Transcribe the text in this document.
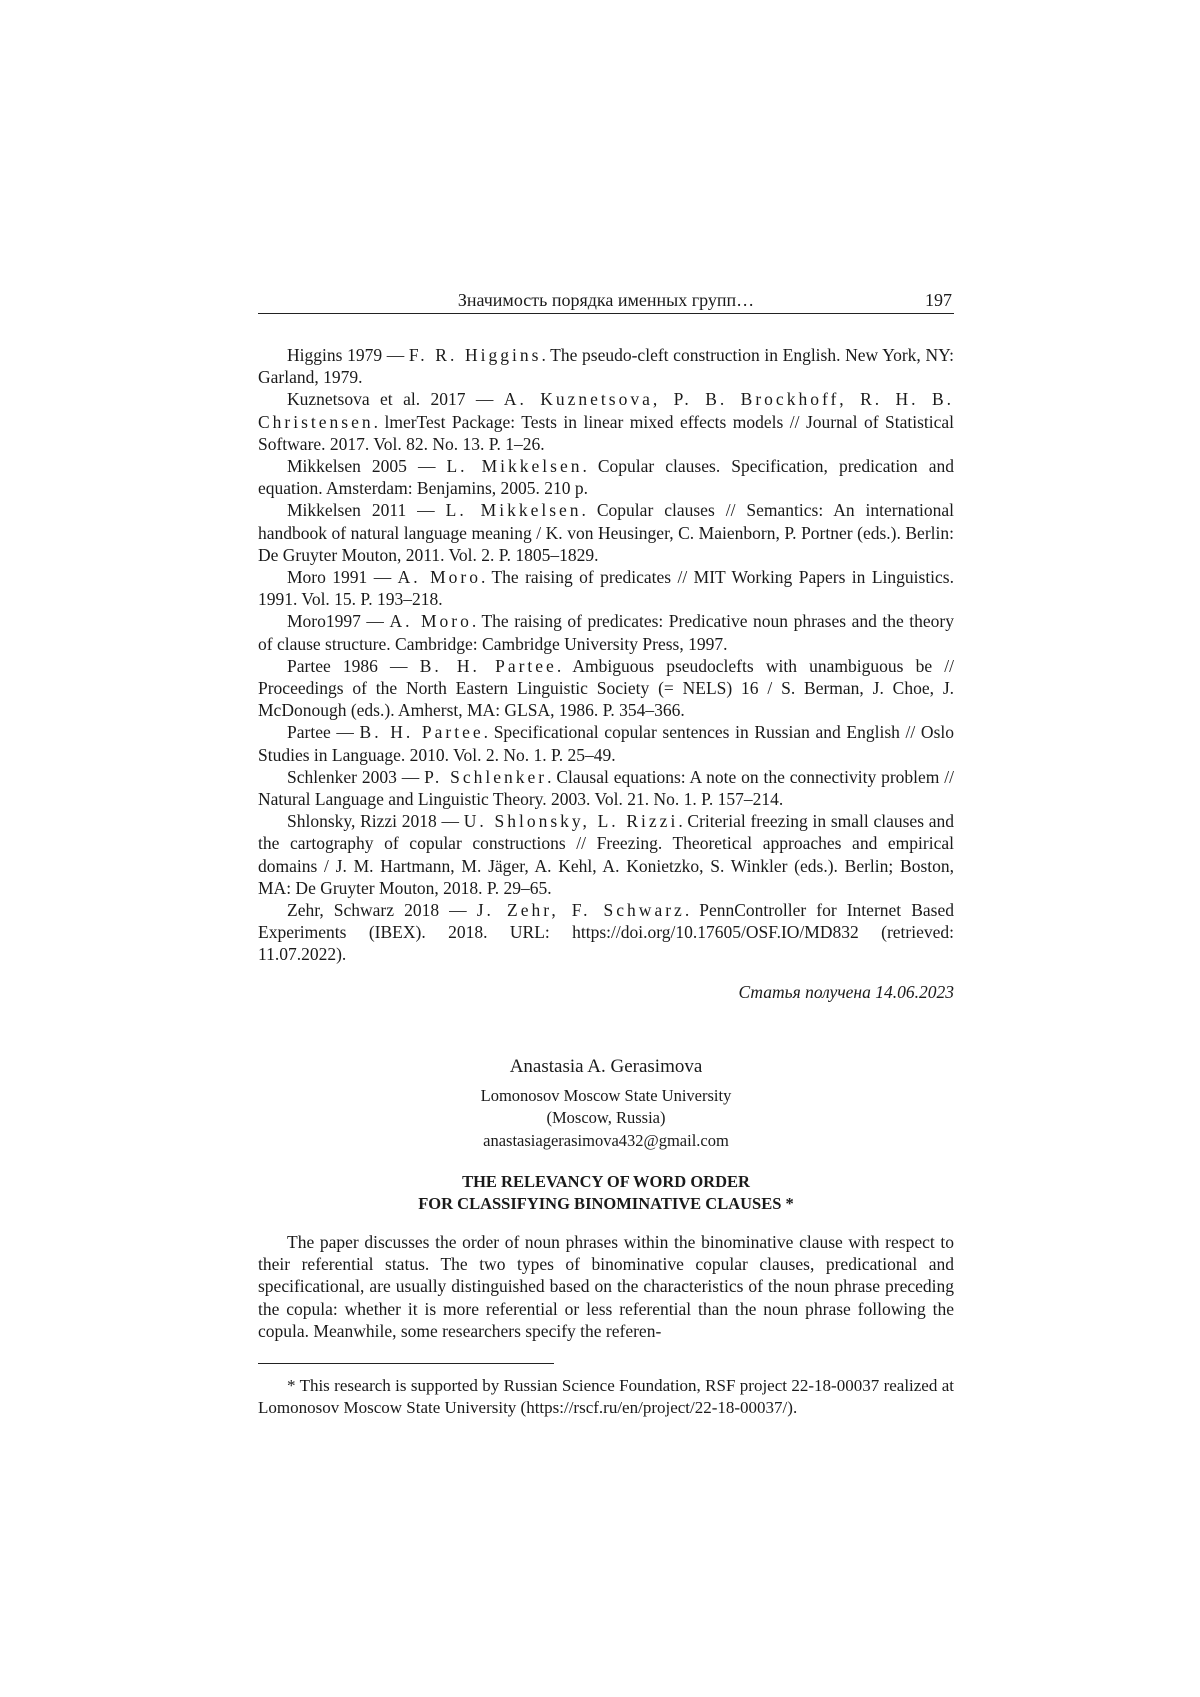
Значимость порядка именных групп…	197

Higgins 1979 — F. R. Higgins. The pseudo-cleft construction in English. New York, NY: Garland, 1979.

Kuznetsova et al. 2017 — A. Kuznetsova, P. B. Brockhoff, R. H. B. Christensen. lmerTest Package: Tests in linear mixed effects models // Journal of Statistical Software. 2017. Vol. 82. No. 13. P. 1–26.

Mikkelsen 2005 — L. Mikkelsen. Copular clauses. Specification, predication and equation. Amsterdam: Benjamins, 2005. 210 p.

Mikkelsen 2011 — L. Mikkelsen. Copular clauses // Semantics: An international handbook of natural language meaning / K. von Heusinger, C. Maienborn, P. Portner (eds.). Berlin: De Gruyter Mouton, 2011. Vol. 2. P. 1805–1829.

Moro 1991 — A. Moro. The raising of predicates // MIT Working Papers in Linguistics. 1991. Vol. 15. P. 193–218.

Moro1997 — A. Moro. The raising of predicates: Predicative noun phrases and the theory of clause structure. Cambridge: Cambridge University Press, 1997.

Partee 1986 — B. H. Partee. Ambiguous pseudoclefts with unambiguous be // Proceedings of the North Eastern Linguistic Society (= NELS) 16 / S. Berman, J. Choe, J. McDonough (eds.). Amherst, MA: GLSA, 1986. P. 354–366.

Partee — B. H. Partee. Specificational copular sentences in Russian and English // Oslo Studies in Language. 2010. Vol. 2. No. 1. P. 25–49.

Schlenker 2003 — P. Schlenker. Clausal equations: A note on the connectivity problem // Natural Language and Linguistic Theory. 2003. Vol. 21. No. 1. P. 157–214.

Shlonsky, Rizzi 2018 — U. Shlonsky, L. Rizzi. Criterial freezing in small clauses and the cartography of copular constructions // Freezing. Theoretical approaches and empirical domains / J. M. Hartmann, M. Jäger, A. Kehl, A. Konietzko, S. Winkler (eds.). Berlin; Boston, MA: De Gruyter Mouton, 2018. P. 29–65.

Zehr, Schwarz 2018 — J. Zehr, F. Schwarz. PennController for Internet Based Experiments (IBEX). 2018. URL: https://doi.org/10.17605/OSF.IO/MD832 (retrieved: 11.07.2022).

Статья получена 14.06.2023

Anastasia A. Gerasimova

Lomonosov Moscow State University

(Moscow, Russia)

anastasiagerasimova432@gmail.com

THE RELEVANCY OF WORD ORDER

FOR CLASSIFYING BINOMINATIVE CLAUSES *

The paper discusses the order of noun phrases within the binominative clause with respect to their referential status. The two types of binominative copular clauses, predicational and specificational, are usually distinguished based on the characteristics of the noun phrase preceding the copula: whether it is more referential or less referential than the noun phrase following the copula. Meanwhile, some researchers specify the referen-

* This research is supported by Russian Science Foundation, RSF project 22-18-00037 realized at Lomonosov Moscow State University (https://rscf.ru/en/project/22-18-00037/).
